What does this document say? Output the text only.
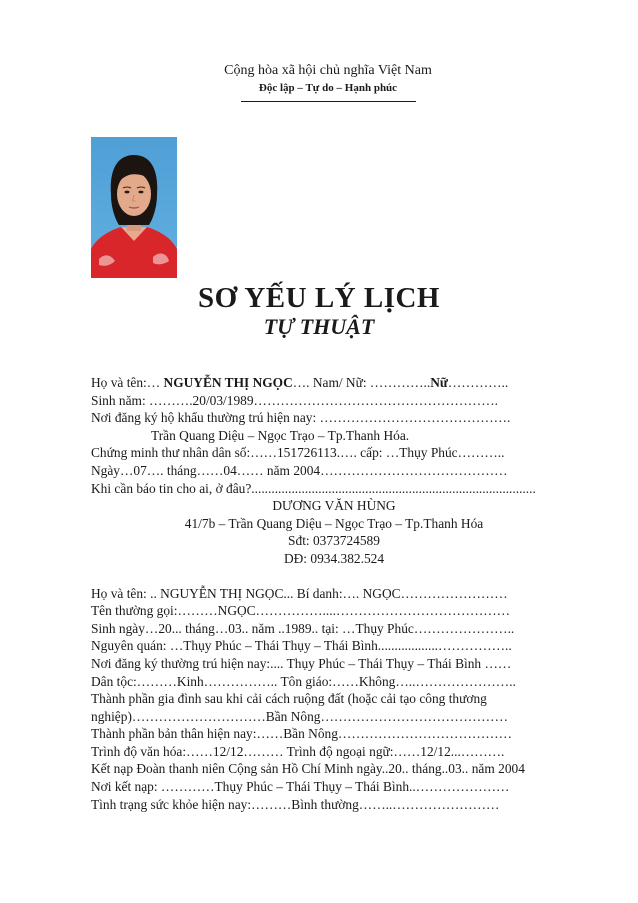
Cộng hòa xã hội chủ nghĩa Việt Nam
Độc lập – Tự do – Hạnh phúc
SƠ YẾU LÝ LỊCH
TỰ THUẬT
Họ và tên:… NGUYỄN THỊ NGỌC…. Nam/ Nữ: …………..Nữ…………..
Sinh năm: ……….20/03/1989……………………………………………….
Nơi đăng ký hộ khẩu thường trú hiện nay: …………………………………….
Trần Quang Diệu – Ngọc Trạo – Tp.Thanh Hóa.
Chứng minh thư nhân dân số:……151726113.…. cấp: …Thụy Phúc………..
Ngày…07…. tháng……04…… năm 2004……………………………………
Khi cần báo tin cho ai, ở đâu?.....................................................................................
DƯƠNG VĂN HÙNG
41/7b – Trần Quang Diệu – Ngọc Trạo – Tp.Thanh Hóa
Sđt: 0373724589
DĐ: 0934.382.524
Họ và tên: .. NGUYỄN THỊ NGỌC... Bí danh:…. NGỌC……………………
Tên thường gọi:………NGỌC……………....…………………………………
Sinh ngày…20... tháng…03.. năm ..1989.. tại: …Thụy Phúc…………………..
Nguyên quán: …Thụy Phúc – Thái Thụy – Thái Bình..................……………..
Nơi đăng ký thường trú hiện nay:.... Thụy Phúc – Thái Thụy – Thái Bình ……
Dân tộc:………Kinh…………….. Tôn giáo:……Không…..…………………..
Thành phần gia đình sau khi cải cách ruộng đất (hoặc cải tạo công thương nghiệp)…………………………Bần Nông……………………………………
Thành phần bản thân hiện nay:……Bần Nông…………………………………
Trình độ văn hóa:……12/12……… Trình độ ngoại ngữ:……12/12...……….
Kết nạp Đoàn thanh niên Cộng sản Hồ Chí Minh ngày..20.. tháng..03.. năm 2004
Nơi kết nạp: …………Thụy Phúc – Thái Thụy – Thái Bình..…………………
Tình trạng sức khỏe hiện nay:………Bình thường……..……………………
